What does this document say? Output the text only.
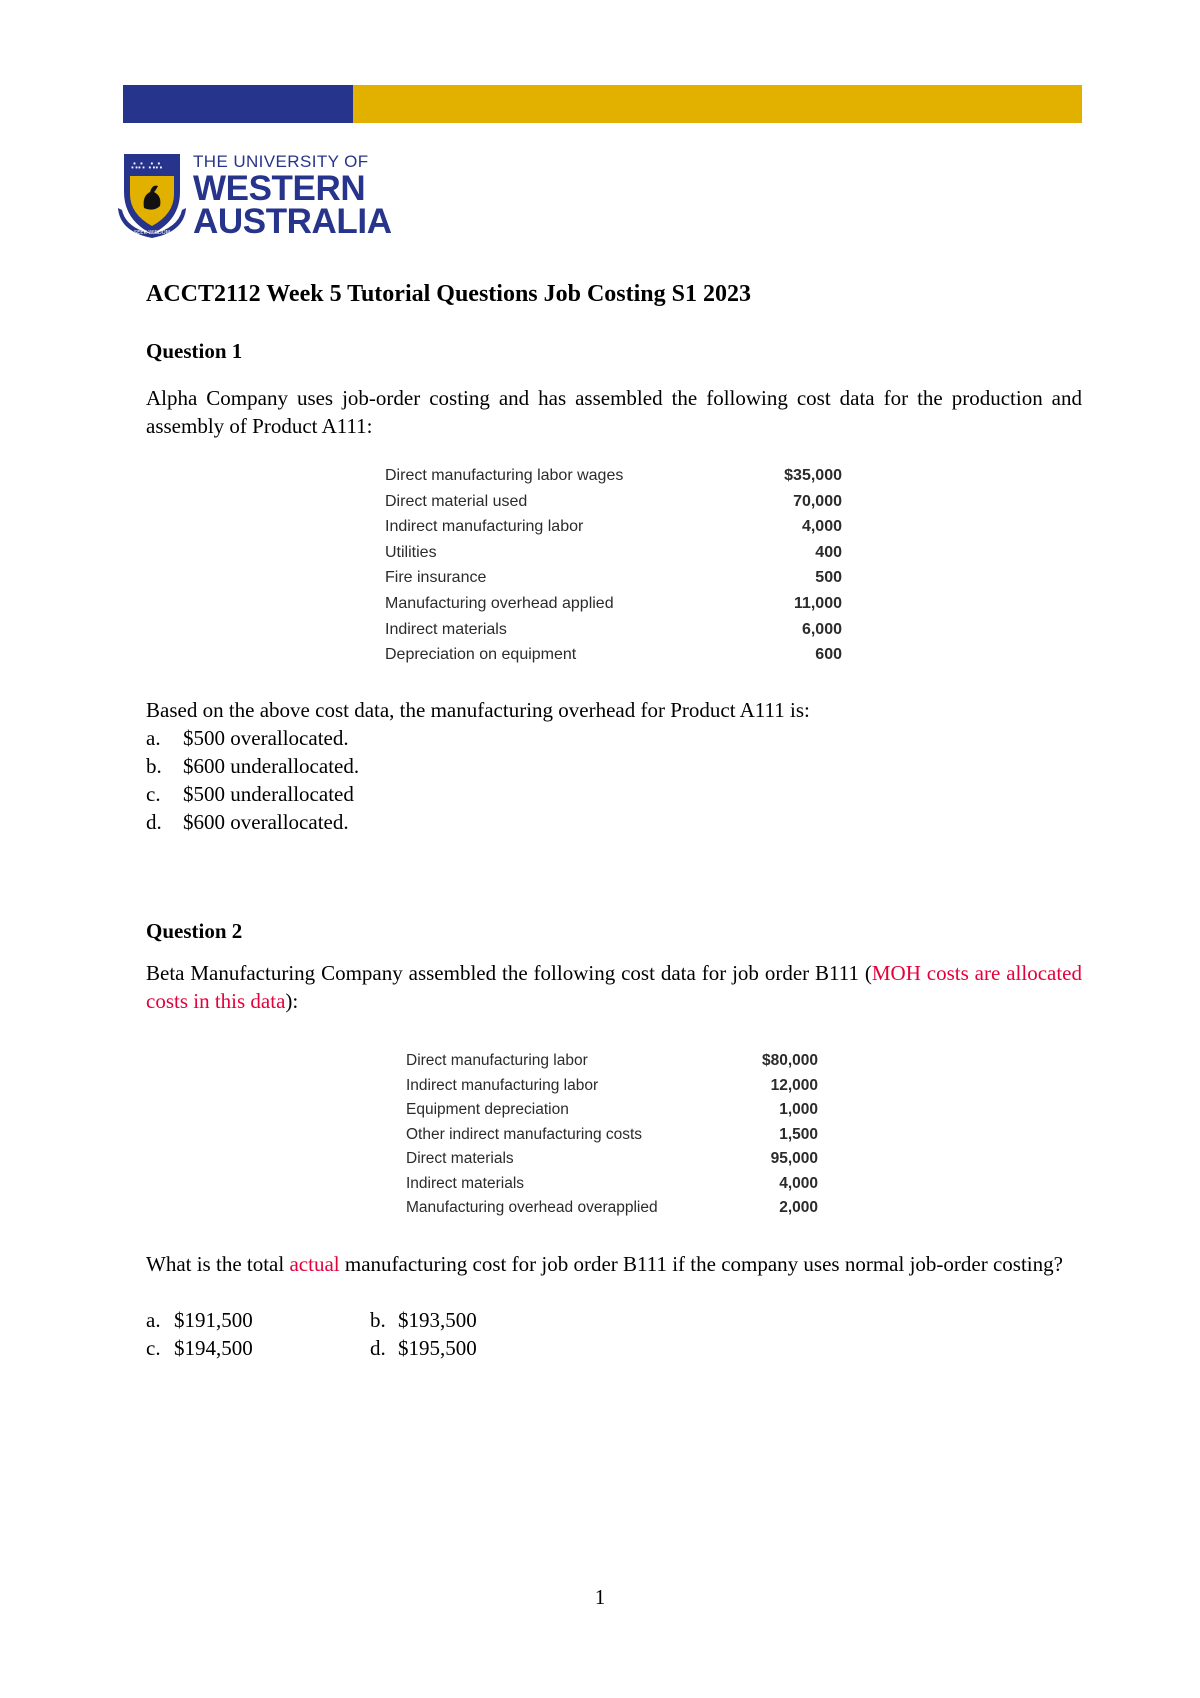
∴∴ ∴∴
SEEK WISDOM
THE UNIVERSITY OF
WESTERN
AUSTRALIA
ACCT2112 Week 5 Tutorial Questions Job Costing S1 2023
Question 1
Alpha Company uses job-order costing and has assembled the following cost data for the production and assembly of Product A111:
Direct manufacturing labor wages	$35,000
Direct material used	70,000
Indirect manufacturing labor	4,000
Utilities	400
Fire insurance	500
Manufacturing overhead applied	11,000
Indirect materials	6,000
Depreciation on equipment	600
Based on the above cost data, the manufacturing overhead for Product A111 is:
a.	$500 overallocated.
b.	$600 underallocated.
c.	$500 underallocated
d.	$600 overallocated.
Question 2
Beta Manufacturing Company assembled the following cost data for job order B111 (MOH costs are allocated costs in this data):
Direct manufacturing labor	$80,000
Indirect manufacturing labor	12,000
Equipment depreciation	1,000
Other indirect manufacturing costs	1,500
Direct materials	95,000
Indirect materials	4,000
Manufacturing overhead overapplied	2,000
What is the total actual manufacturing cost for job order B111 if the company uses normal job-order costing?
a. $191,500	b. $193,500
c. $194,500	d. $195,500
1
